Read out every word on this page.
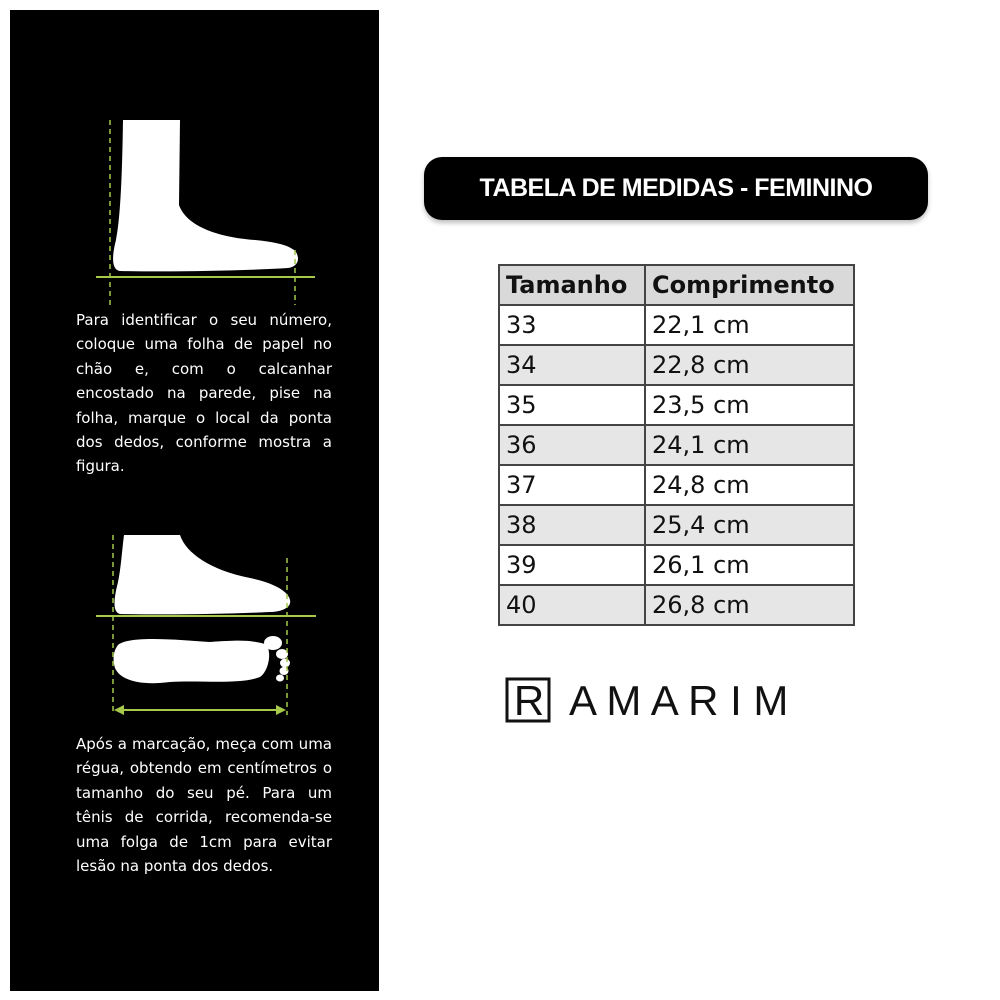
Para identificar o seu número, coloque uma folha de papel no chão e, com o calcanhar encostado na parede, pise na folha, marque o local da ponta dos dedos, conforme mostra a figura.

Após a marcação, meça com uma régua, obtendo em centímetros o tamanho do seu pé. Para um tênis de corrida, recomenda-se uma folga de 1cm para evitar lesão na ponta dos dedos.

TABELA DE MEDIDAS - FEMININO
Tamanho	Comprimento
33	22,1 cm
34	22,8 cm
35	23,5 cm
36	24,1 cm
37	24,8 cm
38	25,4 cm
39	26,1 cm
40	26,8 cm
R A M A R I M
